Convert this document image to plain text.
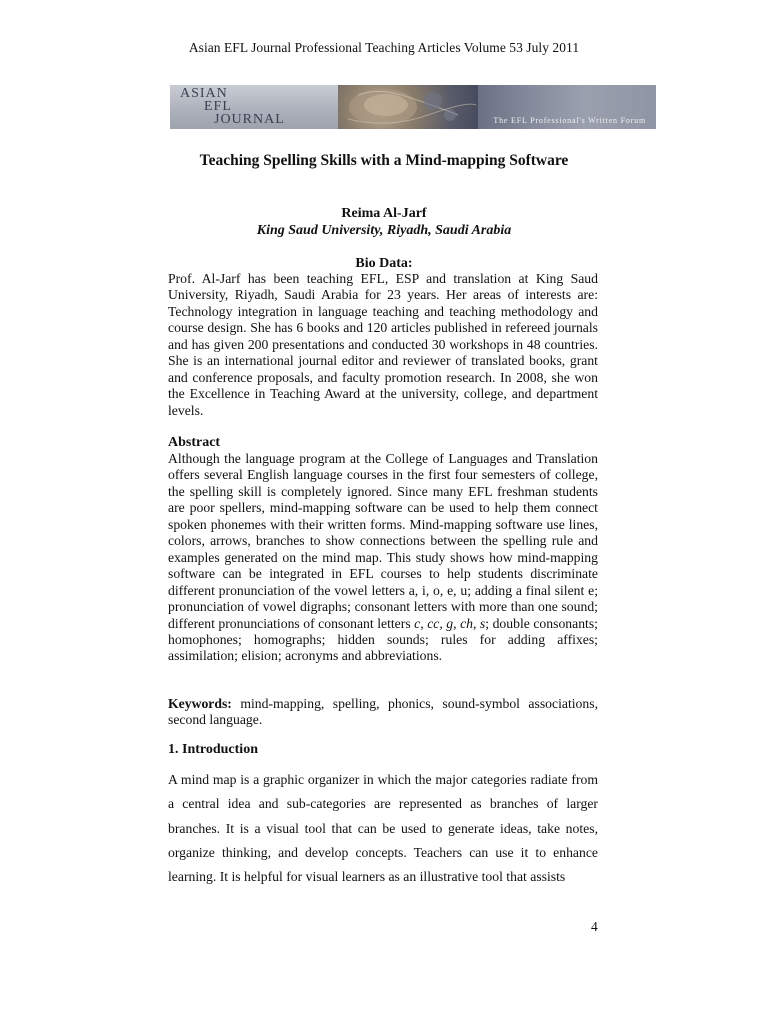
Asian EFL Journal Professional Teaching Articles Volume 53 July 2011
ASIAN
EFL
JOURNAL	The EFL Professional's Written Forum
Teaching Spelling Skills with a Mind-mapping Software
Reima Al-Jarf
King Saud University, Riyadh, Saudi Arabia
Bio Data:

Prof. Al-Jarf has been teaching EFL, ESP and translation at King Saud University, Riyadh, Saudi Arabia for 23 years. Her areas of interests are: Technology integration in language teaching and teaching methodology and course design. She has 6 books and 120 articles published in refereed journals and has given 200 presentations and conducted 30 workshops in 48 countries. She is an international journal editor and reviewer of translated books, grant and conference proposals, and faculty promotion research. In 2008, she won the Excellence in Teaching Award at the university, college, and department levels.

Abstract

Although the language program at the College of Languages and Translation offers several English language courses in the first four semesters of college, the spelling skill is completely ignored. Since many EFL freshman students are poor spellers, mind-mapping software can be used to help them connect spoken phonemes with their written forms. Mind-mapping software use lines, colors, arrows, branches to show connections between the spelling rule and examples generated on the mind map. This study shows how mind-mapping software can be integrated in EFL courses to help students discriminate different pronunciation of the vowel letters a, i, o, e, u; adding a final silent e; pronunciation of vowel digraphs; consonant letters with more than one sound; different pronunciations of consonant letters c, cc, g, ch, s; double consonants; homophones; homographs; hidden sounds; rules for adding affixes; assimilation; elision; acronyms and abbreviations.

Keywords: mind-mapping, spelling, phonics, sound-symbol associations, second language.

1. Introduction

A mind map is a graphic organizer in which the major categories radiate from a central idea and sub-categories are represented as branches of larger branches. It is a visual tool that can be used to generate ideas, take notes, organize thinking, and develop concepts. Teachers can use it to enhance learning. It is helpful for visual learners as an illustrative tool that assists

4
